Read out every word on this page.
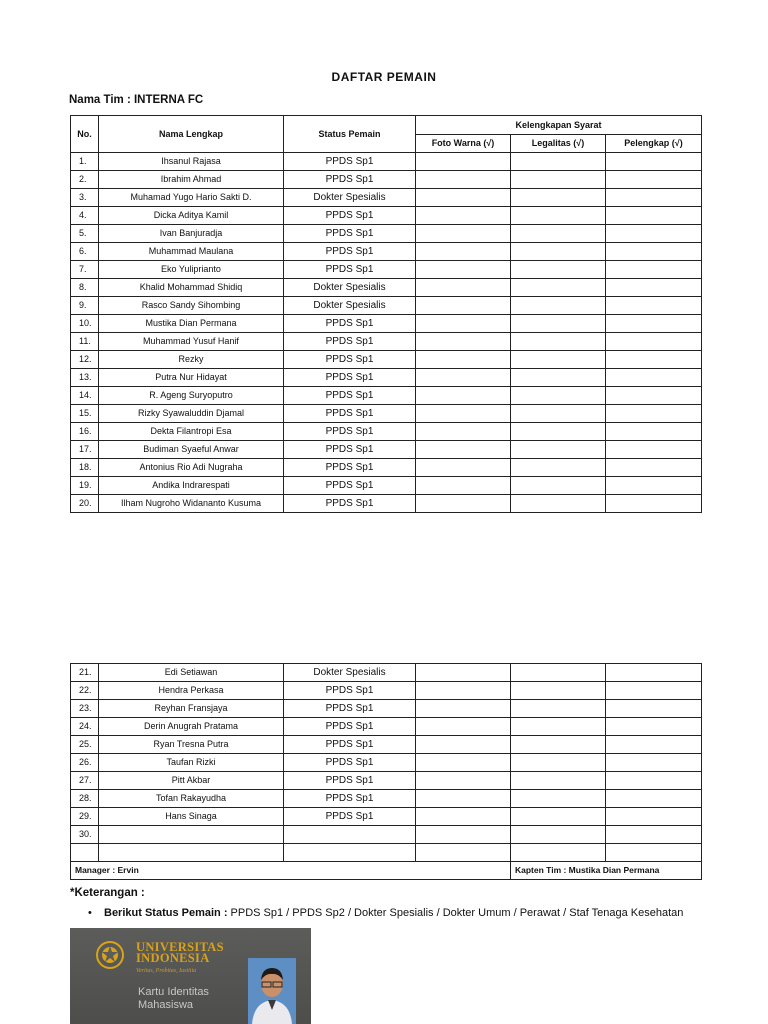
DAFTAR PEMAIN
Nama Tim : INTERNA FC
No.	Nama Lengkap	Status Pemain	Kelengkapan Syarat		
			Foto Warna (√)	Legalitas (√)	Pelengkap (√)
1.	Ihsanul Rajasa	PPDS Sp1			
2.	Ibrahim Ahmad	PPDS Sp1			
3.	Muhamad Yugo Hario Sakti D.	Dokter Spesialis			
4.	Dicka Aditya Kamil	PPDS Sp1			
5.	Ivan Banjuradja	PPDS Sp1			
6.	Muhammad Maulana	PPDS Sp1			
7.	Eko Yuliprianto	PPDS Sp1			
8.	Khalid Mohammad Shidiq	Dokter Spesialis			
9.	Rasco Sandy Sihombing	Dokter Spesialis			
10.	Mustika Dian Permana	PPDS Sp1			
11.	Muhammad Yusuf Hanif	PPDS Sp1			
12.	Rezky	PPDS Sp1			
13.	Putra Nur Hidayat	PPDS Sp1			
14.	R. Ageng Suryoputro	PPDS Sp1			
15.	Rizky Syawaluddin Djamal	PPDS Sp1			
16.	Dekta Filantropi Esa	PPDS Sp1			
17.	Budiman Syaeful Anwar	PPDS Sp1			
18.	Antonius Rio Adi Nugraha	PPDS Sp1			
19.	Andika Indrarespati	PPDS Sp1			
20.	Ilham Nugroho Widananto Kusuma	PPDS Sp1			
21.	Edi Setiawan	Dokter Spesialis			
22.	Hendra Perkasa	PPDS Sp1			
23.	Reyhan Fransjaya	PPDS Sp1			
24.	Derin Anugrah Pratama	PPDS Sp1			
25.	Ryan Tresna Putra	PPDS Sp1			
26.	Taufan Rizki	PPDS Sp1			
27.	Pitt Akbar	PPDS Sp1			
28.	Tofan Rakayudha	PPDS Sp1			
29.	Hans Sinaga	PPDS Sp1			
30.					

Manager : Ervin				Kapten Tim : Mustika Dian Permana	
*Keterangan :
• Berikut Status Pemain : PPDS Sp1 / PPDS Sp2 / Dokter Spesialis / Dokter Umum / Perawat / Staf Tenaga Kesehatan
UNIVERSITAS INDONESIA
Veritas, Probitas, Iustitia
Kartu Identitas Mahasiswa
